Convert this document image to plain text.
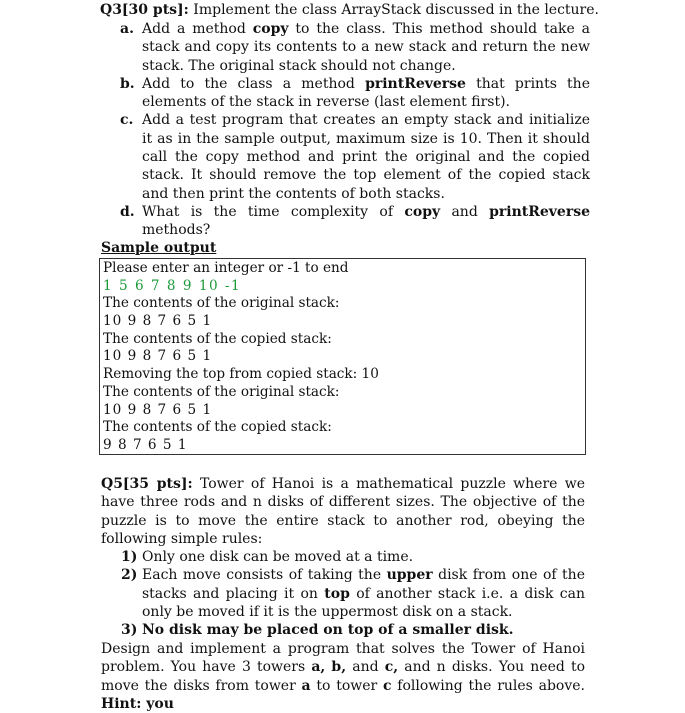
Q3[30 pts]: Implement the class ArrayStack discussed in the lecture.
a. Add a method copy to the class. This method should take a stack and copy its contents to a new stack and return the new stack. The original stack should not change.
b. Add to the class a method printReverse that prints the elements of the stack in reverse (last element first).
c. Add a test program that creates an empty stack and initialize it as in the sample output, maximum size is 10. Then it should call the copy method and print the original and the copied stack. It should remove the top element of the copied stack and then print the contents of both stacks.
d. What is the time complexity of copy and printReverse methods?
Sample output
Please enter an integer or -1 to end
1 5 6 7 8 9 10 -1
The contents of the original stack:
10 9 8 7 6 5 1
The contents of the copied stack:
10 9 8 7 6 5 1
Removing the top from copied stack: 10
The contents of the original stack:
10 9 8 7 6 5 1
The contents of the copied stack:
9 8 7 6 5 1
Q5[35 pts]: Tower of Hanoi is a mathematical puzzle where we have three rods and n disks of different sizes. The objective of the puzzle is to move the entire stack to another rod, obeying the following simple rules:
1) Only one disk can be moved at a time.
2) Each move consists of taking the upper disk from one of the stacks and placing it on top of another stack i.e. a disk can only be moved if it is the uppermost disk on a stack.
3) No disk may be placed on top of a smaller disk.
Design and implement a program that solves the Tower of Hanoi problem. You have 3 towers a, b, and c, and n disks. You need to move the disks from tower a to tower c following the rules above. Hint: you
